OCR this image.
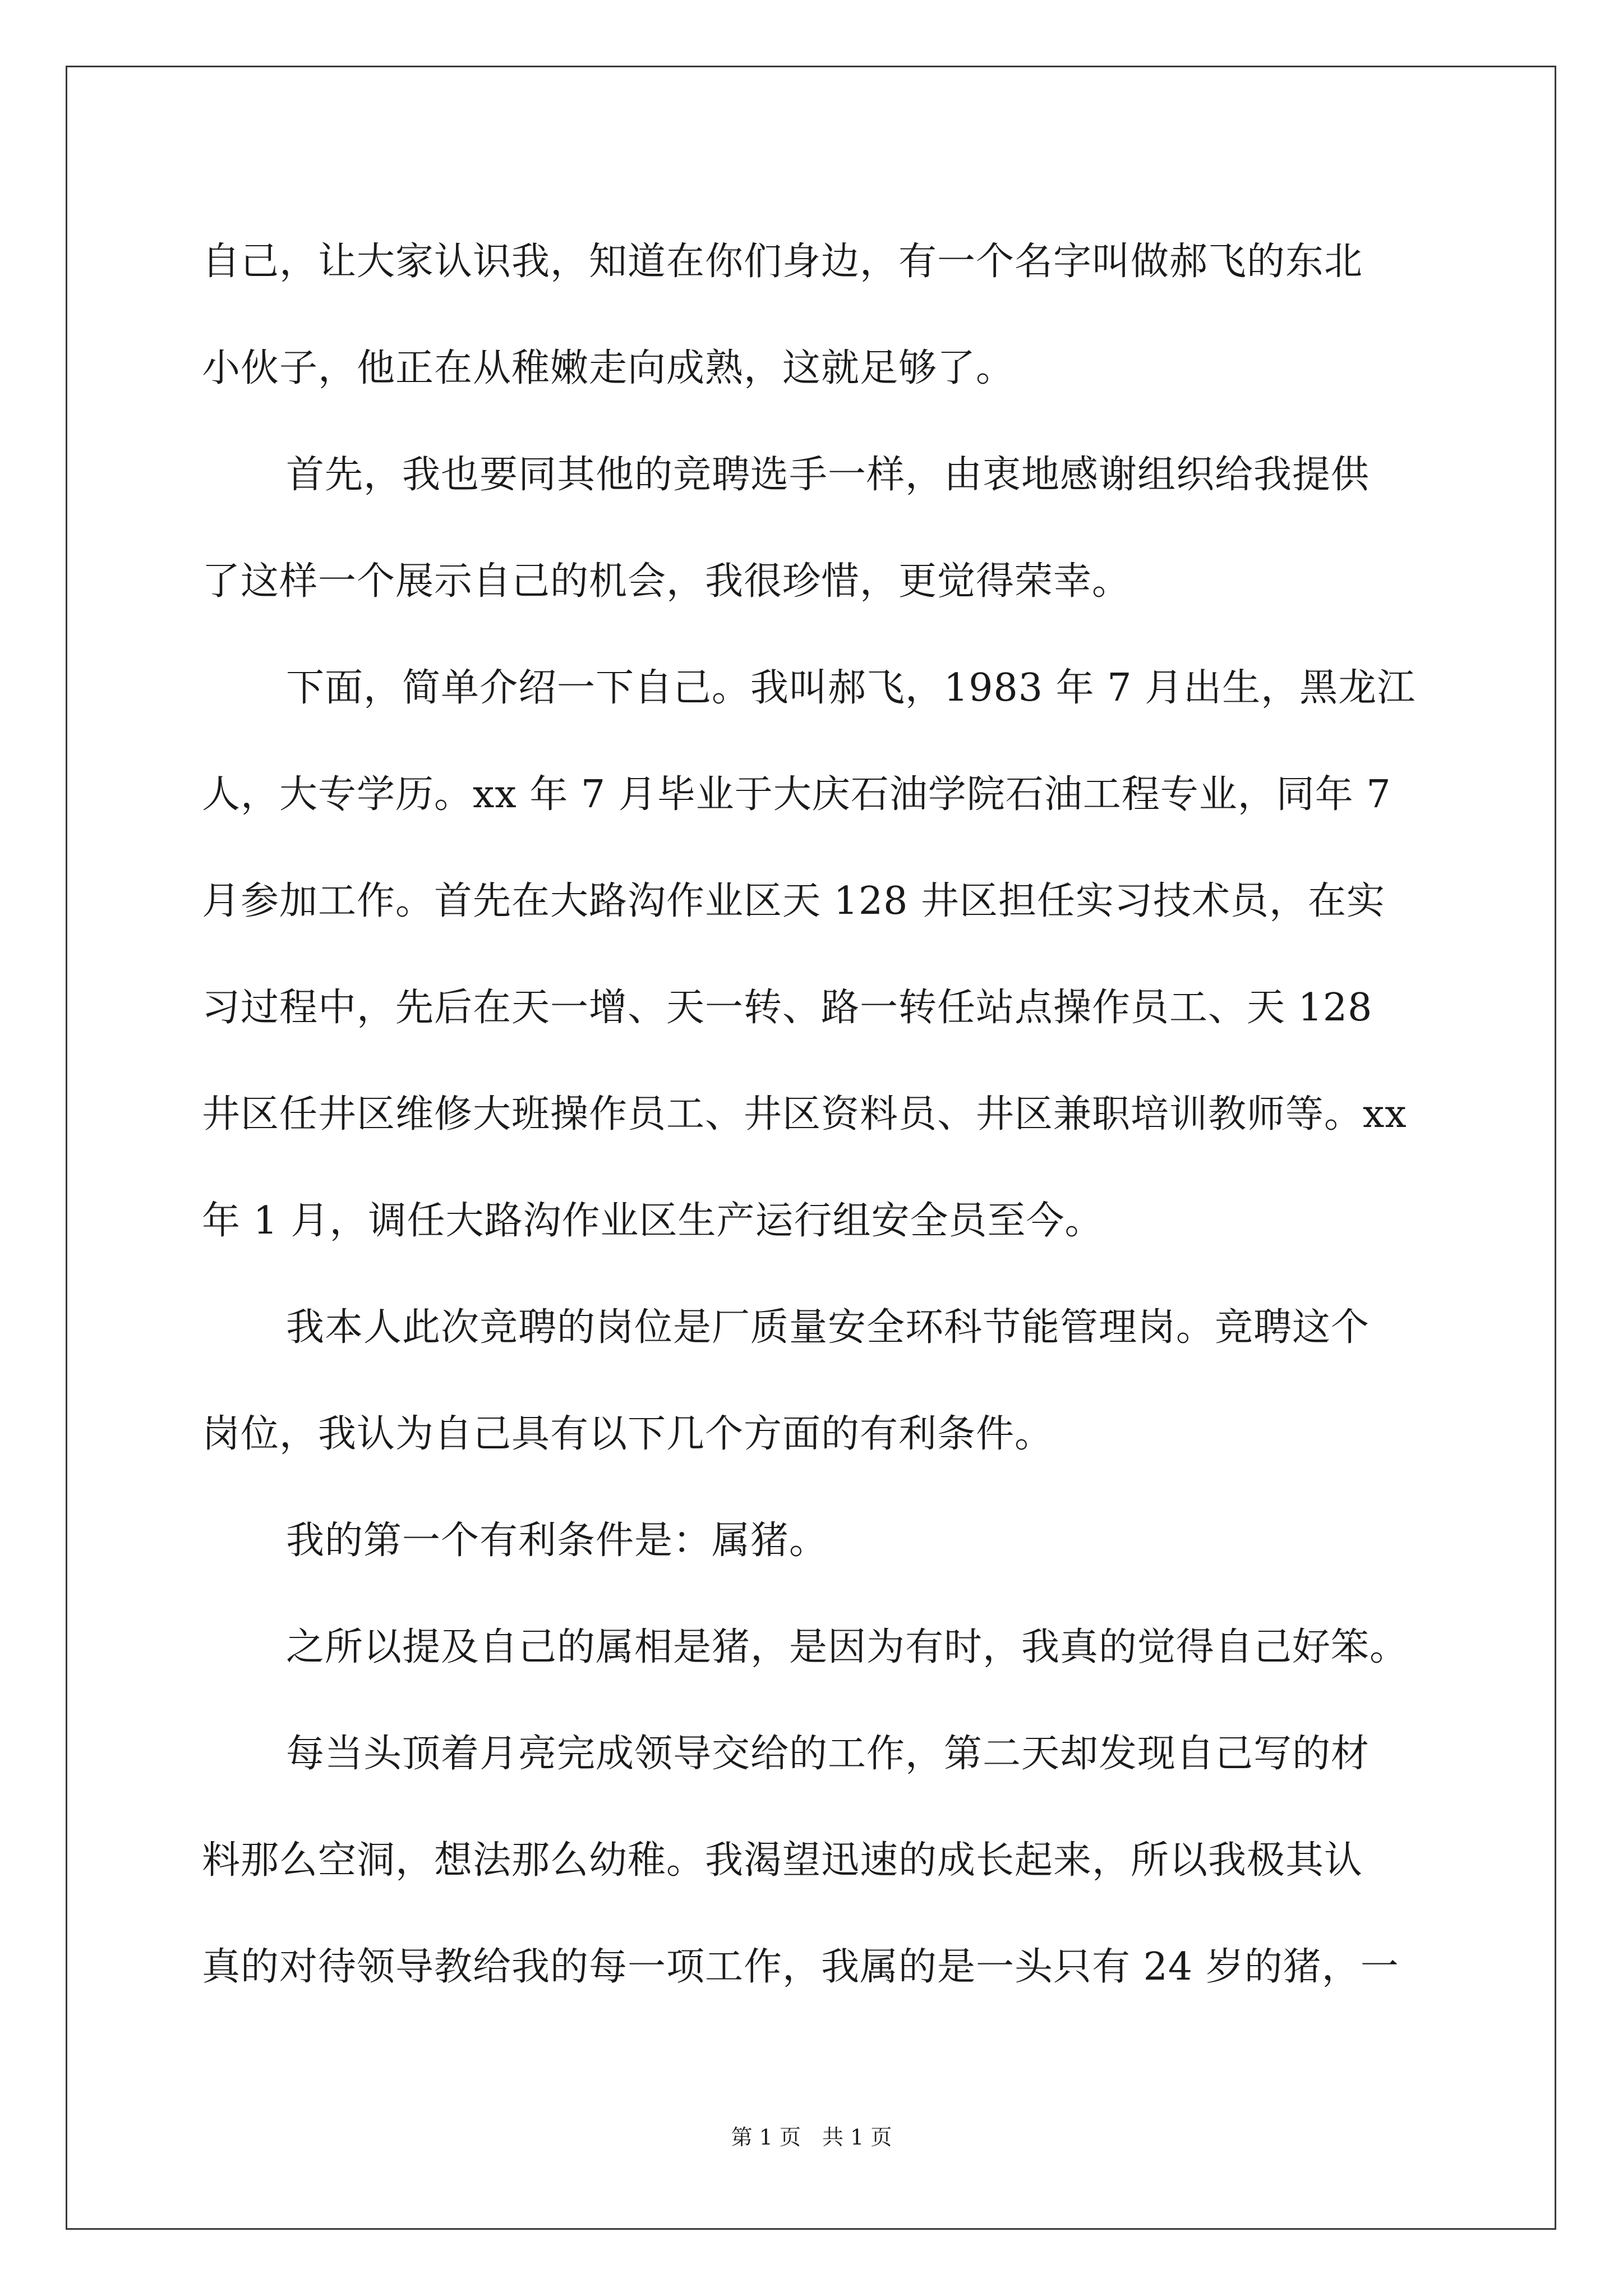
自己，让大家认识我，知道在你们身边，有一个名字叫做郝飞的东北
小伙子，他正在从稚嫩走向成熟，这就足够了。
首先，我也要同其他的竞聘选手一样，由衷地感谢组织给我提供
了这样一个展示自己的机会，我很珍惜，更觉得荣幸。
下面，简单介绍一下自己。我叫郝飞，1983 年 7 月出生，黑龙江
人，大专学历。xx 年 7 月毕业于大庆石油学院石油工程专业，同年 7
月参加工作。首先在大路沟作业区天 128 井区担任实习技术员，在实
习过程中，先后在天一增、天一转、路一转任站点操作员工、天 128
井区任井区维修大班操作员工、井区资料员、井区兼职培训教师等。xx
年 1 月，调任大路沟作业区生产运行组安全员至今。
我本人此次竞聘的岗位是厂质量安全环科节能管理岗。竞聘这个
岗位，我认为自己具有以下几个方面的有利条件。
我的第一个有利条件是：属猪。
之所以提及自己的属相是猪，是因为有时，我真的觉得自己好笨。
每当头顶着月亮完成领导交给的工作，第二天却发现自己写的材
料那么空洞，想法那么幼稚。我渴望迅速的成长起来，所以我极其认
真的对待领导教给我的每一项工作，我属的是一头只有 24 岁的猪，一
第 1 页　共 1 页
